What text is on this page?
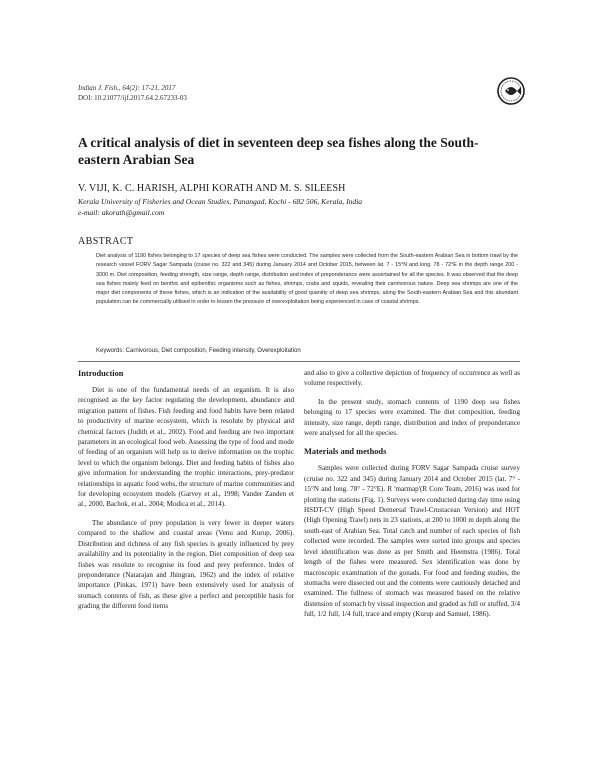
Indian J. Fish., 64(2): 17-21, 2017
DOI: 10.21077/ijf.2017.64.2.67233-03
A critical analysis of diet in seventeen deep sea fishes along the South-eastern Arabian Sea
V. VIJI, K. C. HARISH, ALPHI KORATH AND M. S. SILEESH
Kerala University of Fisheries and Ocean Studies, Panangad, Kochi - 682 506, Kerala, India
e-mail: akorath@gmail.com
ABSTRACT
Diet analysis of 1190 fishes belonging to 17 species of deep sea fishes were conducted. The samples were collected from the South-eastern Arabian Sea in bottom trawl by the research vessel FORV Sagar Sampada (cruise no. 322 and 345) during January 2014 and October 2015, between lat. 7 - 15°N and long. 78 - 72°E in the depth range 200 - 3000 m. Diet composition, feeding strength, size range, depth range, distribution and index of preponderance were ascertained for all the species. It was observed that the deep sea fishes mainly feed on benthic and epibenthic organisms such as fishes, shrimps, crabs and squids, revealing their carnivorous nature. Deep sea shrimps are one of the major diet components of these fishes, which is an indication of the availability of good quantity of deep sea shrimps, along the South-eastern Arabian Sea and this abundant population can be commercially utilised in order to lessen the pressure of overexploitation being experienced in case of coastal shrimps.
Keywords: Carnivorous, Diet composition, Feeding intensity, Overexploitation
Introduction

Diet is one of the fundamental needs of an organism. It is also recognised as the key factor regulating the development, abundance and migration pattern of fishes. Fish feeding and food habits have been related to productivity of marine ecosystem, which is resolute by physical and chemical factors (Judith et al., 2002). Food and feeding are two important parameters in an ecological food web. Assessing the type of food and mode of feeding of an organism will help us to derive information on the trophic level to which the organism belongs. Diet and feeding habits of fishes also give information for understanding the trophic interactions, prey-predator relationships in aquatic food webs, the structure of marine communities and for developing ecosystem models (Garvey et al., 1998; Vander Zanden et al., 2000, Bachok, et al., 2004; Modica et al., 2014).

The abundance of prey population is very fewer in deeper waters compared to the shallow and coastal areas (Venu and Kurup, 2006). Distribution and richness of any fish species is greatly influenced by prey availability and its potentiality in the region. Diet composition of deep sea fishes was resolute to recognise its food and prey preference. Index of preponderance (Natarajan and Jhingran, 1962) and the index of relative importance (Pinkas, 1971) have been extensively used for analysis of stomach contents of fish, as these give a perfect and perceptible basis for grading the different food items

and also to give a collective depiction of frequency of occurrence as well as volume respectively.

In the present study, stomach contents of 1190 deep sea fishes belonging to 17 species were examined. The diet composition, feeding intensity, size range, depth range, distribution and index of preponderance were analysed for all the species.

Materials and methods

Samples were collected during FORV Sagar Sampada cruise survey (cruise no. 322 and 345) during January 2014 and October 2015 (lat. 7° - 15°N and long. 78° - 72°E). R 'marmap'(R Core Team, 2016) was used for plotting the stations (Fig. 1). Surveys were conducted during day time using HSDT-CV (High Speed Demersal Trawl-Crustacean Version) and HOT (High Opening Trawl) nets in 23 stations, at 200 to 1000 m depth along the south-east of Arabian Sea. Total catch and number of each species of fish collected were recorded. The samples were sorted into groups and species level identification was done as per Smith and Heemstra (1986). Total length of the fishes were measured. Sex identification was done by macroscopic examination of the gonads. For food and feeding studies, the stomachs were dissected out and the contents were cautiously detached and examined. The fullness of stomach was measured based on the relative distension of stomach by visual inspection and graded as full or stuffed, 3/4 full, 1/2 full, 1/4 full, trace and empty (Kurup and Samuel, 1986).
